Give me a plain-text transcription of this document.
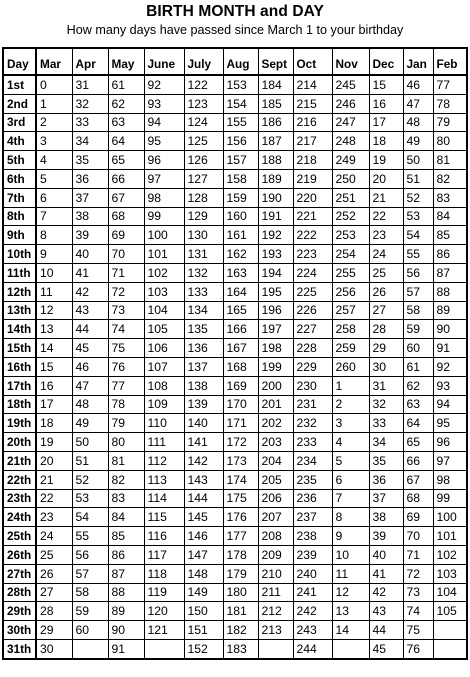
BIRTH MONTH and DAY
How many days have passed since March 1 to your birthday
Day	Mar	Apr	May	June	July	Aug	Sept	Oct	Nov	Dec	Jan	Feb
1st	0	31	61	92	122	153	184	214	245	15	46	77
2nd	1	32	62	93	123	154	185	215	246	16	47	78
3rd	2	33	63	94	124	155	186	216	247	17	48	79
4th	3	34	64	95	125	156	187	217	248	18	49	80
5th	4	35	65	96	126	157	188	218	249	19	50	81
6th	5	36	66	97	127	158	189	219	250	20	51	82
7th	6	37	67	98	128	159	190	220	251	21	52	83
8th	7	38	68	99	129	160	191	221	252	22	53	84
9th	8	39	69	100	130	161	192	222	253	23	54	85
10th	9	40	70	101	131	162	193	223	254	24	55	86
11th	10	41	71	102	132	163	194	224	255	25	56	87
12th	11	42	72	103	133	164	195	225	256	26	57	88
13th	12	43	73	104	134	165	196	226	257	27	58	89
14th	13	44	74	105	135	166	197	227	258	28	59	90
15th	14	45	75	106	136	167	198	228	259	29	60	91
16th	15	46	76	107	137	168	199	229	260	30	61	92
17th	16	47	77	108	138	169	200	230	1	31	62	93
18th	17	48	78	109	139	170	201	231	2	32	63	94
19th	18	49	79	110	140	171	202	232	3	33	64	95
20th	19	50	80	111	141	172	203	233	4	34	65	96
21th	20	51	81	112	142	173	204	234	5	35	66	97
22th	21	52	82	113	143	174	205	235	6	36	67	98
23th	22	53	83	114	144	175	206	236	7	37	68	99
24th	23	54	84	115	145	176	207	237	8	38	69	100
25th	24	55	85	116	146	177	208	238	9	39	70	101
26th	25	56	86	117	147	178	209	239	10	40	71	102
27th	26	57	87	118	148	179	210	240	11	41	72	103
28th	27	58	88	119	149	180	211	241	12	42	73	104
29th	28	59	89	120	150	181	212	242	13	43	74	105
30th	29	60	90	121	151	182	213	243	14	44	75	
31th	30		91		152	183		244		45	76	
